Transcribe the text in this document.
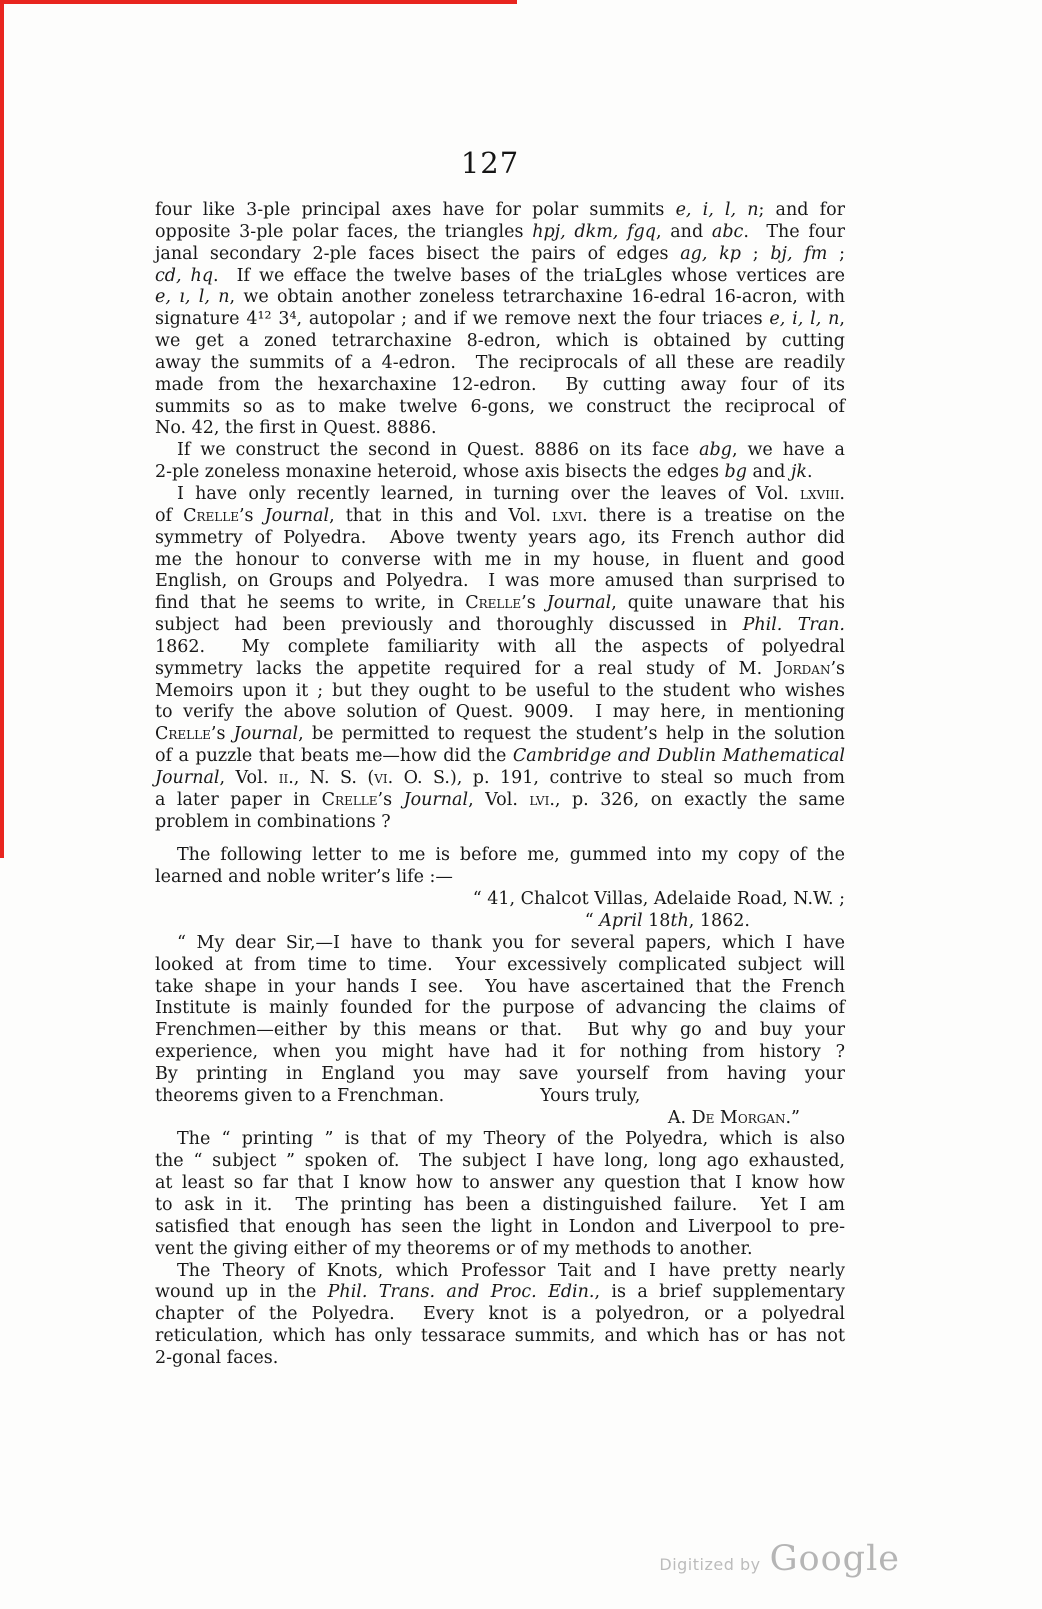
127
four like 3-ple principal axes have for polar summits e, i, l, n; and for
opposite 3-ple polar faces, the triangles hpj, dkm, fgq, and abc.  The four
janal secondary 2-ple faces bisect the pairs of edges ag, kp ; bj, fm ;
cd, hq.  If we efface the twelve bases of the triaLgles whose vertices are
e, ı, l, n, we obtain another zoneless tetrarchaxine 16-edral 16-acron, with
signature 4¹² 3⁴, autopolar ; and if we remove next the four triaces e, i, l, n,
we get a zoned tetrarchaxine 8-edron, which is obtained by cutting
away the summits of a 4-edron.  The reciprocals of all these are readily
made from the hexarchaxine 12-edron.  By cutting away four of its
summits so as to make twelve 6-gons, we construct the reciprocal of
No. 42, the first in Quest. 8886.
If we construct the second in Quest. 8886 on its face abg, we have a
2-ple zoneless monaxine heteroid, whose axis bisects the edges bg and jk.
I have only recently learned, in turning over the leaves of Vol. lxviii.
of Crelle’s Journal, that in this and Vol. lxvi. there is a treatise on the
symmetry of Polyedra.  Above twenty years ago, its French author did
me the honour to converse with me in my house, in fluent and good
English, on Groups and Polyedra.  I was more amused than surprised to
find that he seems to write, in Crelle’s Journal, quite unaware that his
subject had been previously and thoroughly discussed in Phil. Tran.
1862.  My complete familiarity with all the aspects of polyedral
symmetry lacks the appetite required for a real study of M. Jordan’s
Memoirs upon it ; but they ought to be useful to the student who wishes
to verify the above solution of Quest. 9009.  I may here, in mentioning
Crelle’s Journal, be permitted to request the student’s help in the solution
of a puzzle that beats me—how did the Cambridge and Dublin Mathematical
Journal, Vol. ii., N. S. (vi. O. S.), p. 191, contrive to steal so much from
a later paper in Crelle’s Journal, Vol. lvi., p. 326, on exactly the same
problem in combinations ?
The following letter to me is before me, gummed into my copy of the
learned and noble writer’s life :—
“ 41, Chalcot Villas, Adelaide Road, N.W. ;
“ April 18th, 1862.
“ My dear Sir,—I have to thank you for several papers, which I have
looked at from time to time.  Your excessively complicated subject will
take shape in your hands I see.  You have ascertained that the French
Institute is mainly founded for the purpose of advancing the claims of
Frenchmen—either by this means or that.  But why go and buy your
experience, when you might have had it for nothing from history ?
By printing in England you may save yourself from having your
theorems given to a Frenchman.	Yours truly,
A. De Morgan.”
The “ printing ” is that of my Theory of the Polyedra, which is also
the “ subject ” spoken of.  The subject I have long, long ago exhausted,
at least so far that I know how to answer any question that I know how
to ask in it.  The printing has been a distinguished failure.  Yet I am
satisfied that enough has seen the light in London and Liverpool to pre-
vent the giving either of my theorems or of my methods to another.
The Theory of Knots, which Professor Tait and I have pretty nearly
wound up in the Phil. Trans. and Proc. Edin., is a brief supplementary
chapter of the Polyedra.  Every knot is a polyedron, or a polyedral
reticulation, which has only tessarace summits, and which has or has not
2-gonal faces.
Digitized by Google
